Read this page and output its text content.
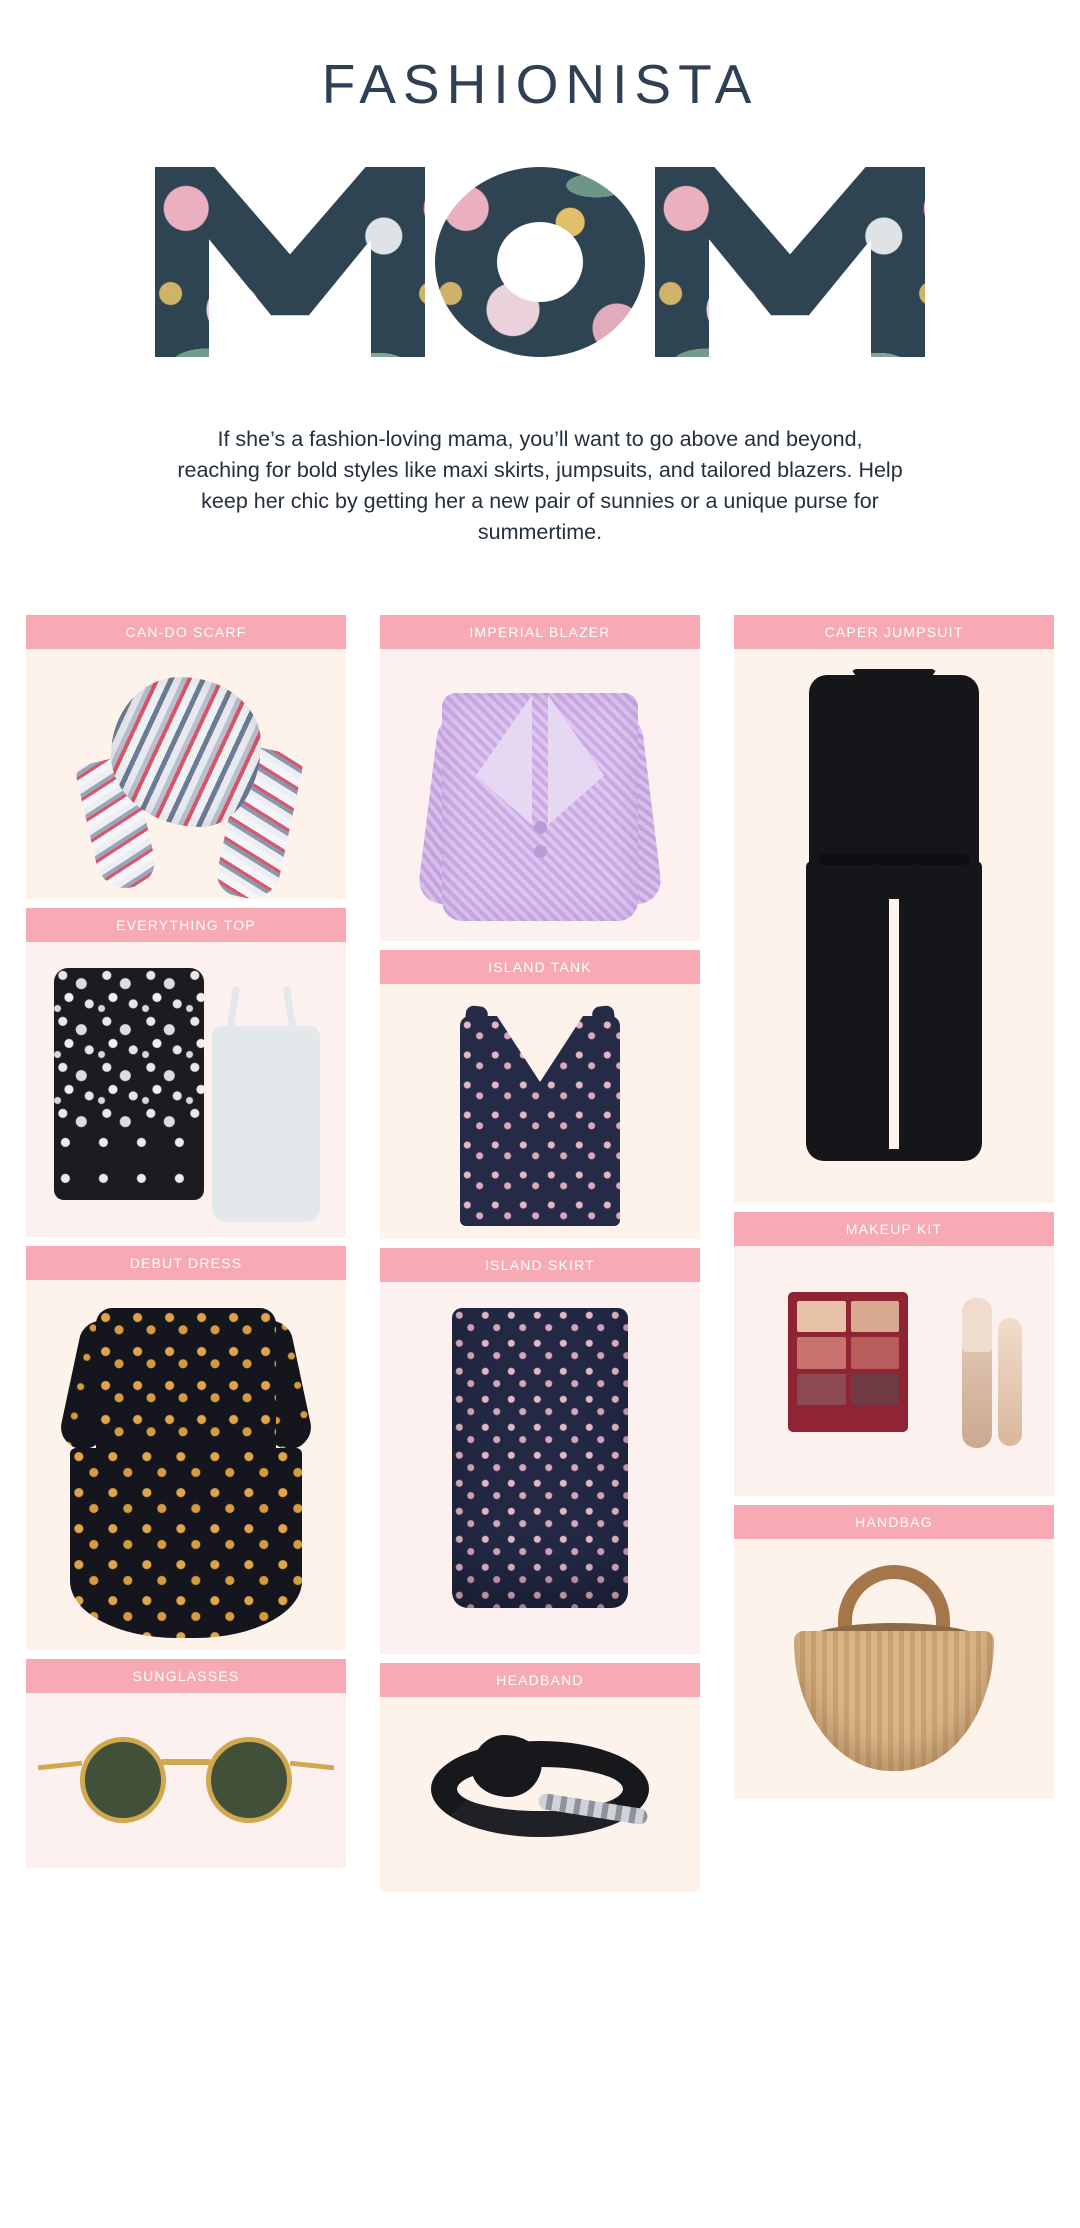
FASHIONISTA
If she’s a fashion-loving mama, you’ll want to go above and beyond, reaching for bold styles like maxi skirts, jumpsuits, and tailored blazers. Help keep her chic by getting her a new pair of sunnies or a unique purse for summertime.
CAN-DO SCARF
EVERYTHING TOP
DEBUT DRESS
SUNGLASSES
IMPERIAL BLAZER
ISLAND TANK
ISLAND SKIRT
HEADBAND
CAPER JUMPSUIT
MAKEUP KIT
HANDBAG
